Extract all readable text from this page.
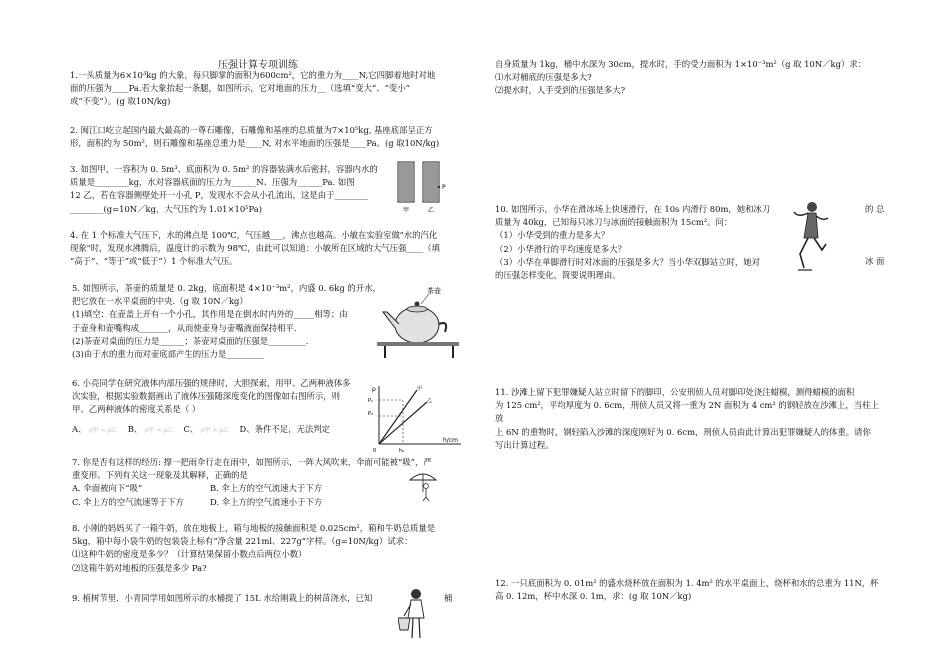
压强计算专项训练

1.一头质量为6×10³kg 的大象，每只脚掌的面积为600cm²，它的重力为____N,它四脚着地时对地

面的压强为____Pa.若大象抬起一条腿，如图所示，它对地面的压力__（选填“变大”、“变小”

或“不变”）。(g 取10N/kg)

2. 闽江口屹立起国内最大最高的一尊石雕像，石雕像和基座的总质量为7×10⁵kg, 基座底部呈正方

形，面积约为 50m²，则石雕像和基座总重力是____N, 对水平地面的压强是____Pa。(g 取10N/kg)

3. 如图甲，一容积为 0. 5m³、底面积为 0. 5m² 的容器装满水后密封，容器内水的

质量是________kg，水对容器底面的压力为______N、压强为______Pa. 如图

12 乙，若在容器侧壁处开一小孔 P，发现水不会从小孔流出，这是由于________

________(g=10N／kg，大气压约为 1.01×10⁵Pa)	甲	乙
P

4. 在 1 个标准大气压下，水的沸点是 100℃，气压越___，沸点也越高。小敏在实验室做"水的汽化

现象"时，发现水沸腾后，温度计的示数为 98℃，由此可以知道：小敏所在区域的大气压强____（填

“高于”、“等于”或“低于”）1 个标准大气压。

5. 如图所示，茶壶的质量是 0. 2kg，底面积是 4×10⁻³m²，内盛 0. 6kg 的开水，

把它放在一水平桌面的中央.（g 取 10N／kg）

(1)填空：在壶盖上开有一个小孔，其作用是在倒水时内外的_____相等；由

于壶身和壶嘴构成_______，从而使壶身与壶嘴液面保持相平.

(2)茶壶对桌面的压力是______；茶壶对桌面的压强是_________.

(3)由于水的重力而对壶底部产生的压力是_________

茶壶

6. 小亮同学在研究液体内部压强的规律时，大胆探索，用甲、乙两种液体多

次实验，根据实验数据画出了液体压强随深度变化的图像如右图所示，则

甲、乙两种液体的密度关系是（ ）

A、 ρ甲 < ρ乙 B、 ρ甲 = ρ乙 C、 ρ甲 > ρ乙 D、条件不足，无法判定

p
P₁
P₂
0	h₀
h/cm
甲
乙

7. 你是否有这样的经历: 撑一把雨伞行走在雨中，如图所示，一阵大风吹来，伞面可能被“吸”，严

重变形。下列有关这一现象及其解释，正确的是

A. 伞面被向下“吸”	B. 伞上方的空气流速大于下方

C. 伞上方的空气流速等于下方	D. 伞上方的空气流速小于下方

8. 小刚的妈妈买了一箱牛奶，放在地板上，箱与地板的接触面积是 0.025cm²，箱和牛奶总质量是

5kg，箱中每小袋牛奶的包装袋上标有“净含量 221ml、227g”字样。（g=10N/kg）试求：

⑴这种牛奶的密度是多少？（计算结果保留小数点后两位小数）

⑵这箱牛奶对地板的压强是多少 Pa?

9. 植树节里．小青同学用如图所示的水桶提了 15L 水给刚栽上的树苗浇水，已知	桶

自身质量为 1kg，桶中水深为 30cm，提水时，手的受力面积为 1×10⁻³m²（g 取 10N／kg）求：

⑴水对桶底的压强是多大?

⑵提水时，人手受到的压强是多大?

10. 如图所示，小华在滑冰场上快速滑行，在 10s 内滑行 80m，她和冰刀	的 总

质量为 40kg，已知每只冰刀与冰面的接触面积为 15cm²。问：

（1）小华受到的重力是多大？

（2）小华滑行的平均速度是多大？

（3）小华在单脚滑行时对冰面的压强是多大？当小华双脚站立时，她对	冰 面

的压强怎样变化，简要说明理由。

11. 沙滩上留下犯罪嫌疑人站立时留下的脚印，公安刑侦人员对脚印处浇注蜡模，测得蜡模的面积

为 125 cm²，平均厚度为 0. 6cm，刑侦人员又将一重为 2N 面积为 4 cm² 的钢轻放在沙滩上，当柱上放

上 6N 的重物时，钢轻陷入沙滩的深度刚好为 0. 6cm，刑侦人员由此计算出犯罪嫌疑人的体重。请你

写出计算过程。

12. 一只底面积为 0. 01m² 的盛水烧杯放在面积为 1. 4m² 的水平桌面上，烧杯和水的总重为 11N，杯

高 0. 12m，杯中水深 0. 1m，求：(g 取 10N／kg)
